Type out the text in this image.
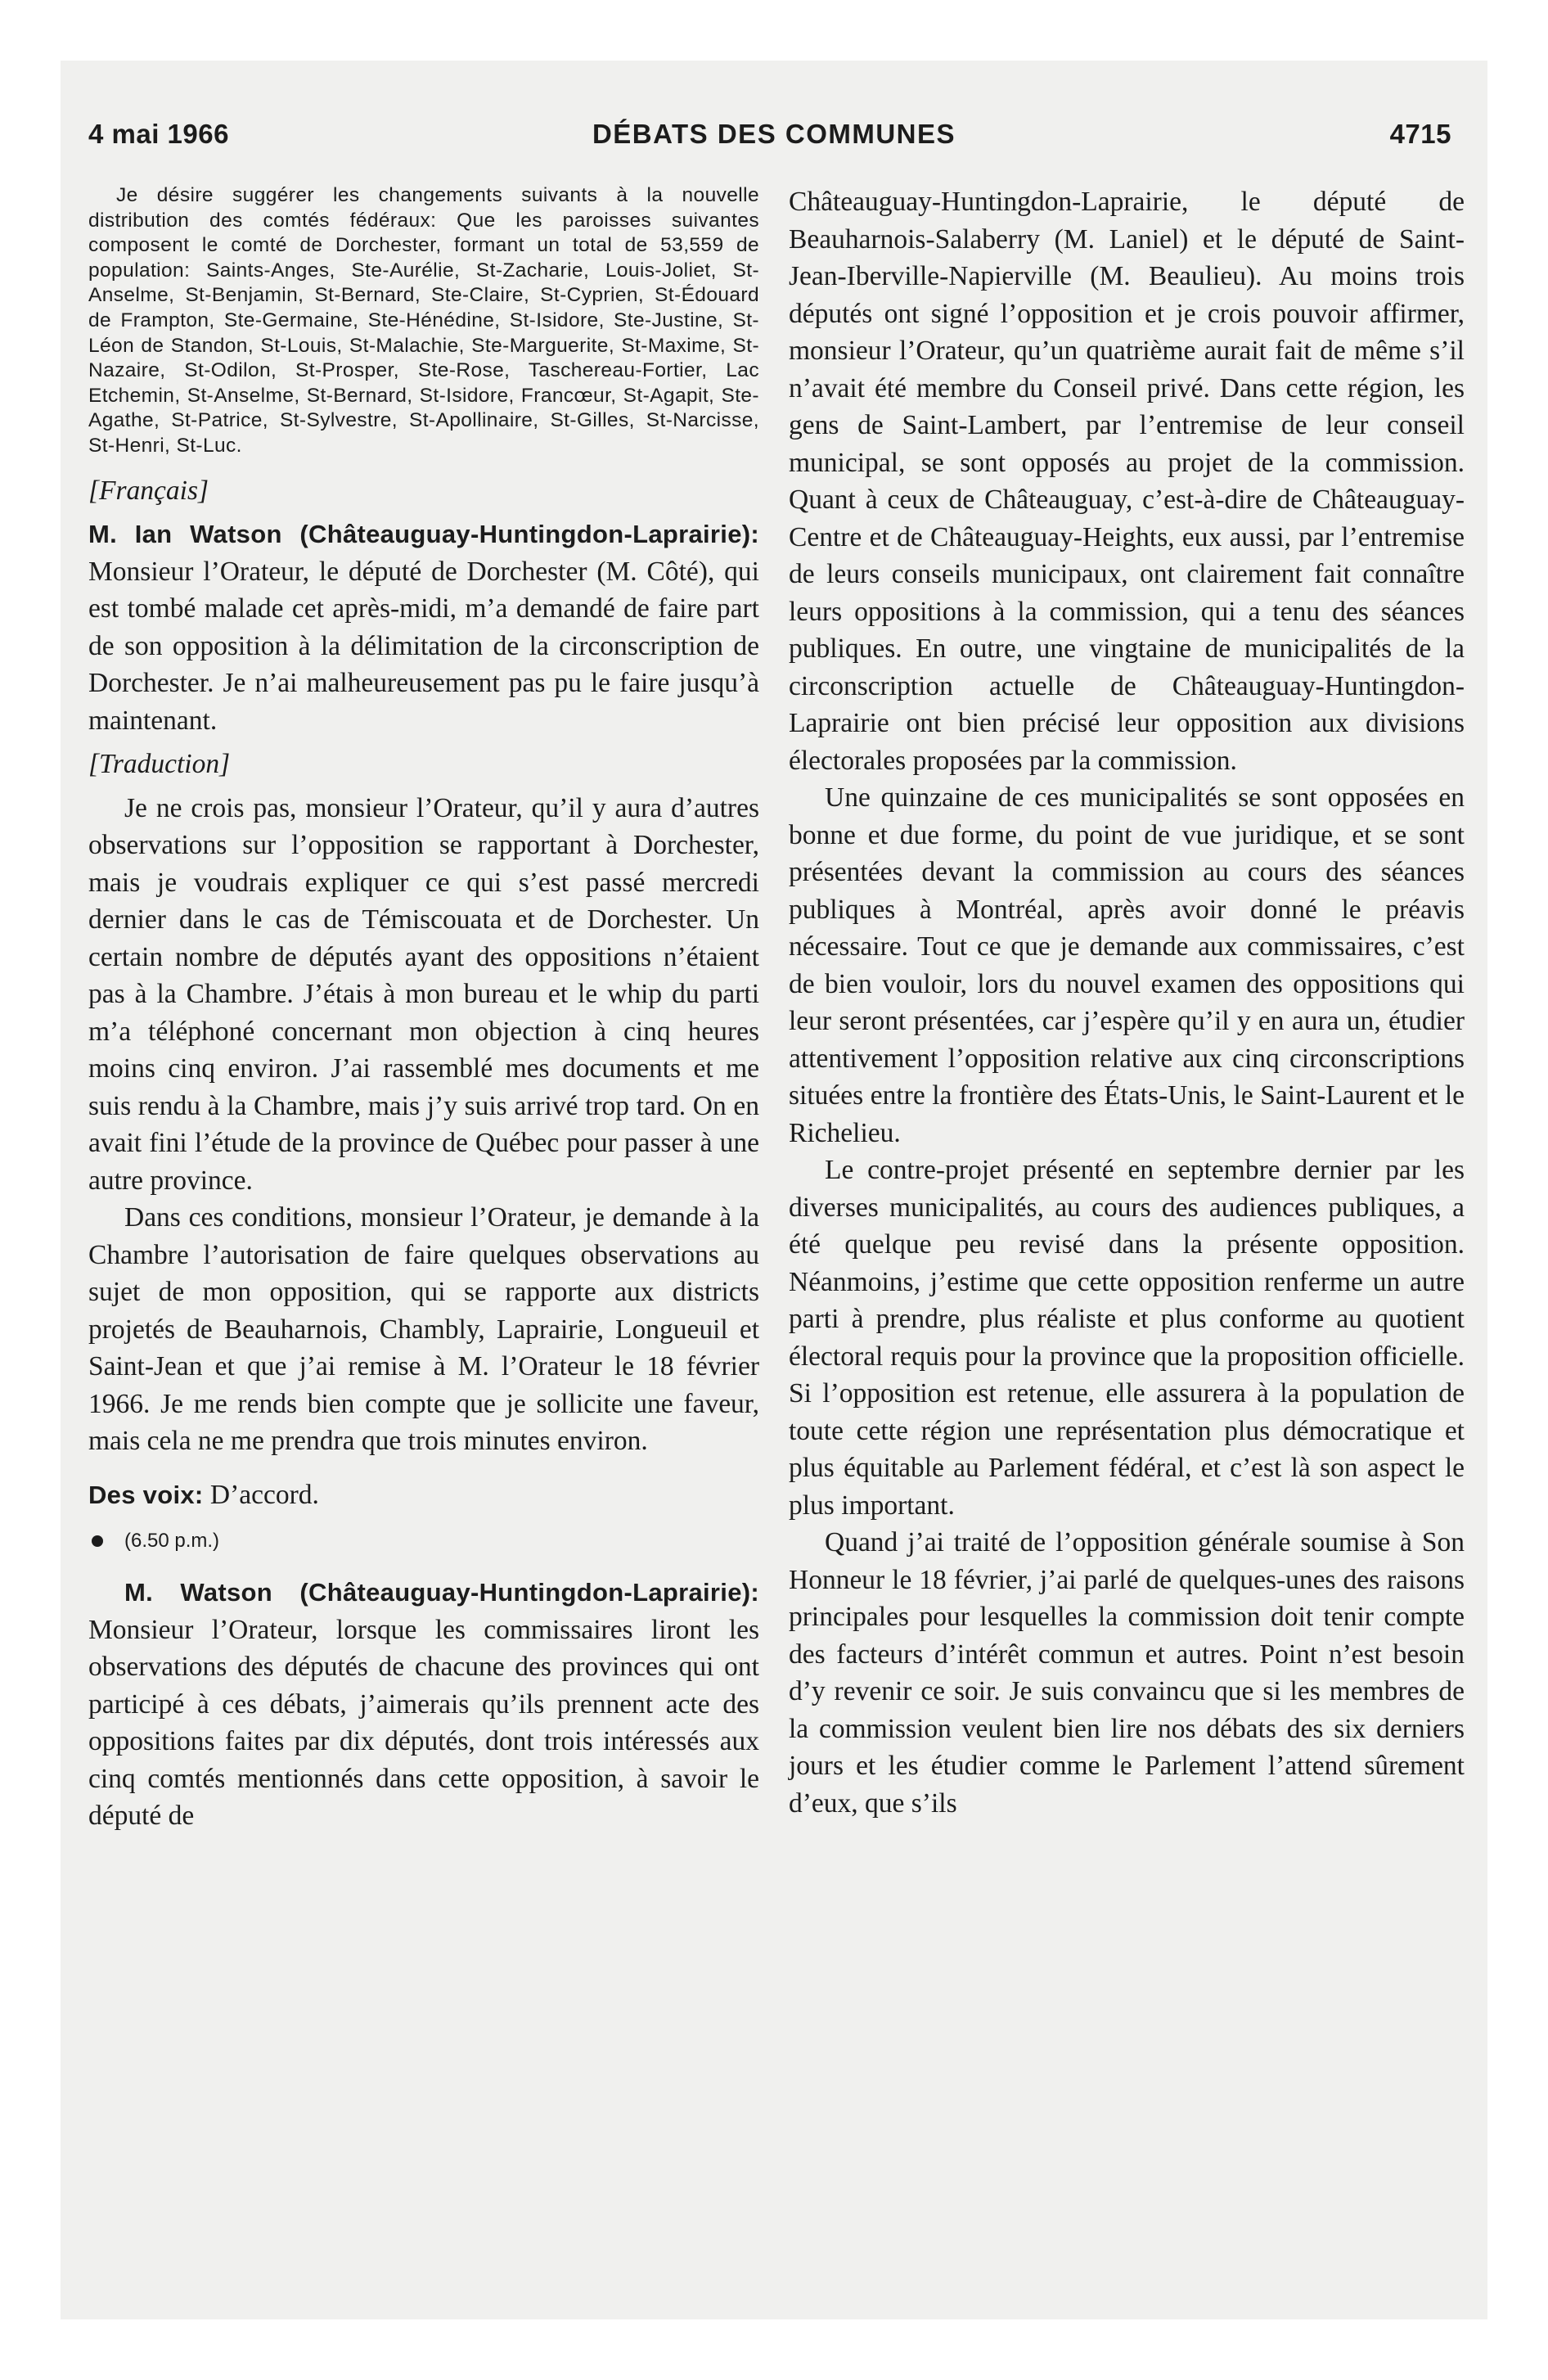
4 mai 1966	DÉBATS DES COMMUNES	4715

Je désire suggérer les changements suivants à la nouvelle distribution des comtés fédéraux: Que les paroisses suivantes composent le comté de Dorchester, formant un total de 53,559 de population: Saints-Anges, Ste-Aurélie, St-Zacharie, Louis-Joliet, St-Anselme, St-Benjamin, St-Bernard, Ste-Claire, St-Cyprien, St-Édouard de Frampton, Ste-Germaine, Ste-Hénédine, St-Isidore, Ste-Justine, St-Léon de Standon, St-Louis, St-Malachie, Ste-Marguerite, St-Maxime, St-Nazaire, St-Odilon, St-Prosper, Ste-Rose, Taschereau-Fortier, Lac Etchemin, St-Anselme, St-Bernard, St-Isidore, Francœur, St-Agapit, Ste-Agathe, St-Patrice, St-Sylvestre, St-Apollinaire, St-Gilles, St-Narcisse, St-Henri, St-Luc.

[Français]

M. Ian Watson (Châteauguay-Huntingdon-Laprairie): Monsieur l’Orateur, le député de Dorchester (M. Côté), qui est tombé malade cet après-midi, m’a demandé de faire part de son opposition à la délimitation de la circonscription de Dorchester. Je n’ai malheureusement pas pu le faire jusqu’à maintenant.

[Traduction]

Je ne crois pas, monsieur l’Orateur, qu’il y aura d’autres observations sur l’opposition se rapportant à Dorchester, mais je voudrais expliquer ce qui s’est passé mercredi dernier dans le cas de Témiscouata et de Dorchester. Un certain nombre de députés ayant des oppositions n’étaient pas à la Chambre. J’étais à mon bureau et le whip du parti m’a téléphoné concernant mon objection à cinq heures moins cinq environ. J’ai rassemblé mes documents et me suis rendu à la Chambre, mais j’y suis arrivé trop tard. On en avait fini l’étude de la province de Québec pour passer à une autre province.

Dans ces conditions, monsieur l’Orateur, je demande à la Chambre l’autorisation de faire quelques observations au sujet de mon opposition, qui se rapporte aux districts projetés de Beauharnois, Chambly, Laprairie, Longueuil et Saint-Jean et que j’ai remise à M. l’Orateur le 18 février 1966. Je me rends bien compte que je sollicite une faveur, mais cela ne me prendra que trois minutes environ.

Des voix: D’accord.

(6.50 p.m.)

M. Watson (Châteauguay-Huntingdon-Laprairie): Monsieur l’Orateur, lorsque les commissaires liront les observations des députés de chacune des provinces qui ont participé à ces débats, j’aimerais qu’ils prennent acte des oppositions faites par dix députés, dont trois intéressés aux cinq comtés mentionnés dans cette opposition, à savoir le député de

Châteauguay-Huntingdon-Laprairie, le député de Beauharnois-Salaberry (M. Laniel) et le député de Saint-Jean-Iberville-Napierville (M. Beaulieu). Au moins trois députés ont signé l’opposition et je crois pouvoir affirmer, monsieur l’Orateur, qu’un quatrième aurait fait de même s’il n’avait été membre du Conseil privé. Dans cette région, les gens de Saint-Lambert, par l’entremise de leur conseil municipal, se sont opposés au projet de la commission. Quant à ceux de Châteauguay, c’est-à-dire de Châteauguay-Centre et de Châteauguay-Heights, eux aussi, par l’entremise de leurs conseils municipaux, ont clairement fait connaître leurs oppositions à la commission, qui a tenu des séances publiques. En outre, une vingtaine de municipalités de la circonscription actuelle de Châteauguay-Huntingdon-Laprairie ont bien précisé leur opposition aux divisions électorales proposées par la commission.

Une quinzaine de ces municipalités se sont opposées en bonne et due forme, du point de vue juridique, et se sont présentées devant la commission au cours des séances publiques à Montréal, après avoir donné le préavis nécessaire. Tout ce que je demande aux commissaires, c’est de bien vouloir, lors du nouvel examen des oppositions qui leur seront présentées, car j’espère qu’il y en aura un, étudier attentivement l’opposition relative aux cinq circonscriptions situées entre la frontière des États-Unis, le Saint-Laurent et le Richelieu.

Le contre-projet présenté en septembre dernier par les diverses municipalités, au cours des audiences publiques, a été quelque peu revisé dans la présente opposition. Néanmoins, j’estime que cette opposition renferme un autre parti à prendre, plus réaliste et plus conforme au quotient électoral requis pour la province que la proposition officielle. Si l’opposition est retenue, elle assurera à la population de toute cette région une représentation plus démocratique et plus équitable au Parlement fédéral, et c’est là son aspect le plus important.

Quand j’ai traité de l’opposition générale soumise à Son Honneur le 18 février, j’ai parlé de quelques-unes des raisons principales pour lesquelles la commission doit tenir compte des facteurs d’intérêt commun et autres. Point n’est besoin d’y revenir ce soir. Je suis convaincu que si les membres de la commission veulent bien lire nos débats des six derniers jours et les étudier comme le Parlement l’attend sûrement d’eux, que s’ils
